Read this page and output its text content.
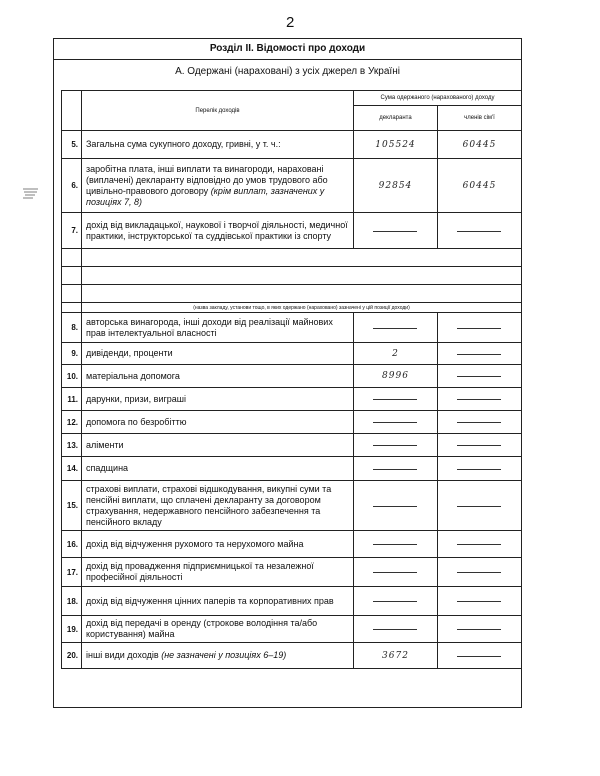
2
Розділ II. Відомості про доходи
А. Одержані (нараховані) з усіх джерел в Україні
	Перелік доходів	Сума одержаного (нарахованого) доходу	
		декларанта	членів сім'ї
5.	Загальна сума сукупного доходу, гривні, у т. ч.:	105524	60445
6.	заробітна плата, інші виплати та винагороди, нараховані (виплачені) декларанту відповідно до умов трудового або цивільно-правового договору (крім виплат, зазначених у позиціях 7, 8)	92854	60445
7.	дохід від викладацької, наукової і творчої діяльності, медичної практики, інструкторської та суддівської практики із спорту		

	(назва закладу, установи тощо, в яких одержано (нараховано) зазначені у цій позиції доходи)		
8.	авторська винагорода, інші доходи від реалізації майнових прав інтелектуальної власності		
9.	дивіденди, проценти	2	
10.	матеріальна допомога	8996	
11.	дарунки, призи, виграші		
12.	допомога по безробіттю		
13.	аліменти		
14.	спадщина		
15.	страхові виплати, страхові відшкодування, викупні суми та пенсійні виплати, що сплачені декларанту за договором страхування, недержавного пенсійного забезпечення та пенсійного вкладу		
16.	дохід від відчуження рухомого та нерухомого майна		
17.	дохід від провадження підприємницької та незалежної професійної діяльності		
18.	дохід від відчуження цінних паперів та корпоративних прав		
19.	дохід від передачі в оренду (строкове володіння та/або користування) майна		
20.	інші види доходів (не зазначені у позиціях 6–19)	3672	
